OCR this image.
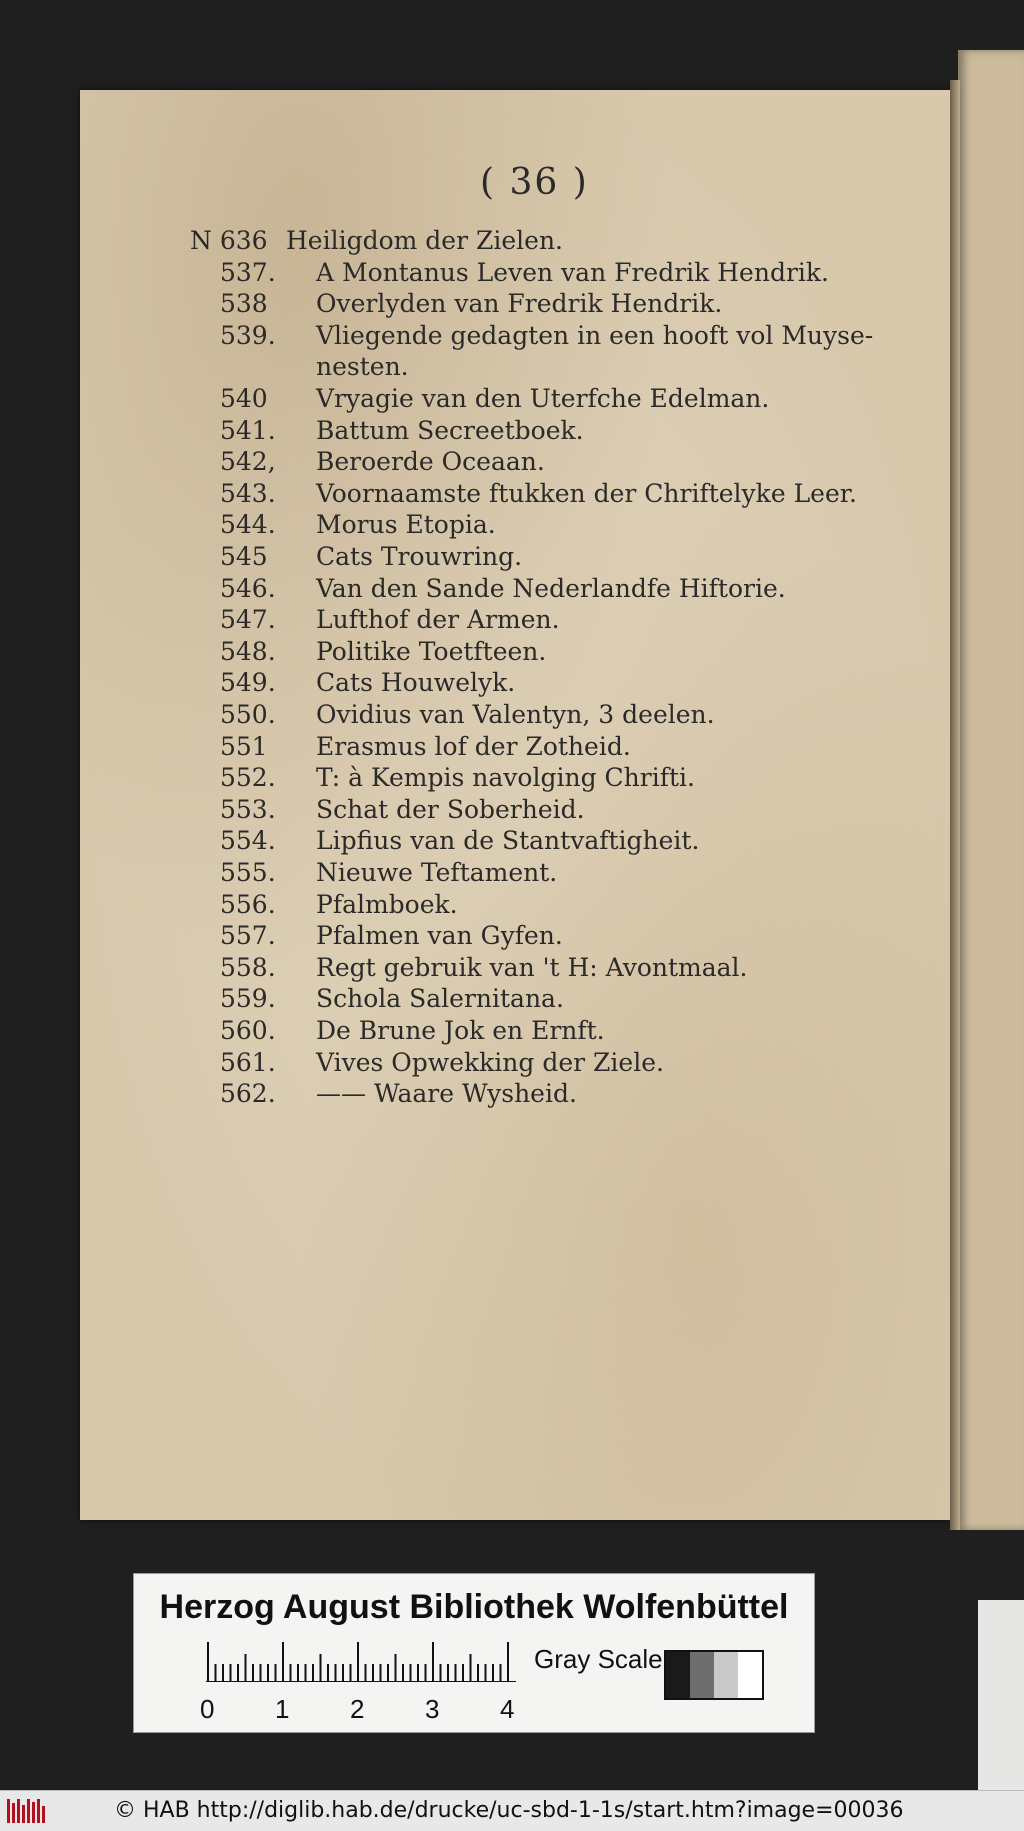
( 36 )
N 636 Heiligdom der Zielen.
537.	A Montanus Leven van Fredrik Hendrik.
538	Overlyden van Fredrik Hendrik.
539.	Vliegende gedagten in een hooft vol Muyse-
nesten.
540	Vryagie van den Uterfche Edelman.
541.	Battum Secreetboek.
542,	Beroerde Oceaan.
543.	Voornaamste ftukken der Chriftelyke Leer.
544.	Morus Etopia.
545	Cats Trouwring.
546.	Van den Sande Nederlandfe Hiftorie.
547.	Lufthof der Armen.
548.	Politike Toetfteen.
549.	Cats Houwelyk.
550.	Ovidius van Valentyn, 3 deelen.
551	Erasmus lof der Zotheid.
552.	T: à Kempis navolging Chrifti.
553.	Schat der Soberheid.
554.	Lipfius van de Stantvaftigheit.
555.	Nieuwe Teftament.
556.	Pfalmboek.
557.	Pfalmen van Gyfen.
558.	Regt gebruik van 't H: Avontmaal.
559.	Schola Salernitana.
560.	De Brune Jok en Ernft.
561.	Vives Opwekking der Ziele.
562.	—— Waare Wysheid.
Herzog August Bibliothek Wolfenbüttel
0 1 2 3 4
Gray Scale
© HAB http://diglib.hab.de/drucke/uc-sbd-1-1s/start.htm?image=00036
